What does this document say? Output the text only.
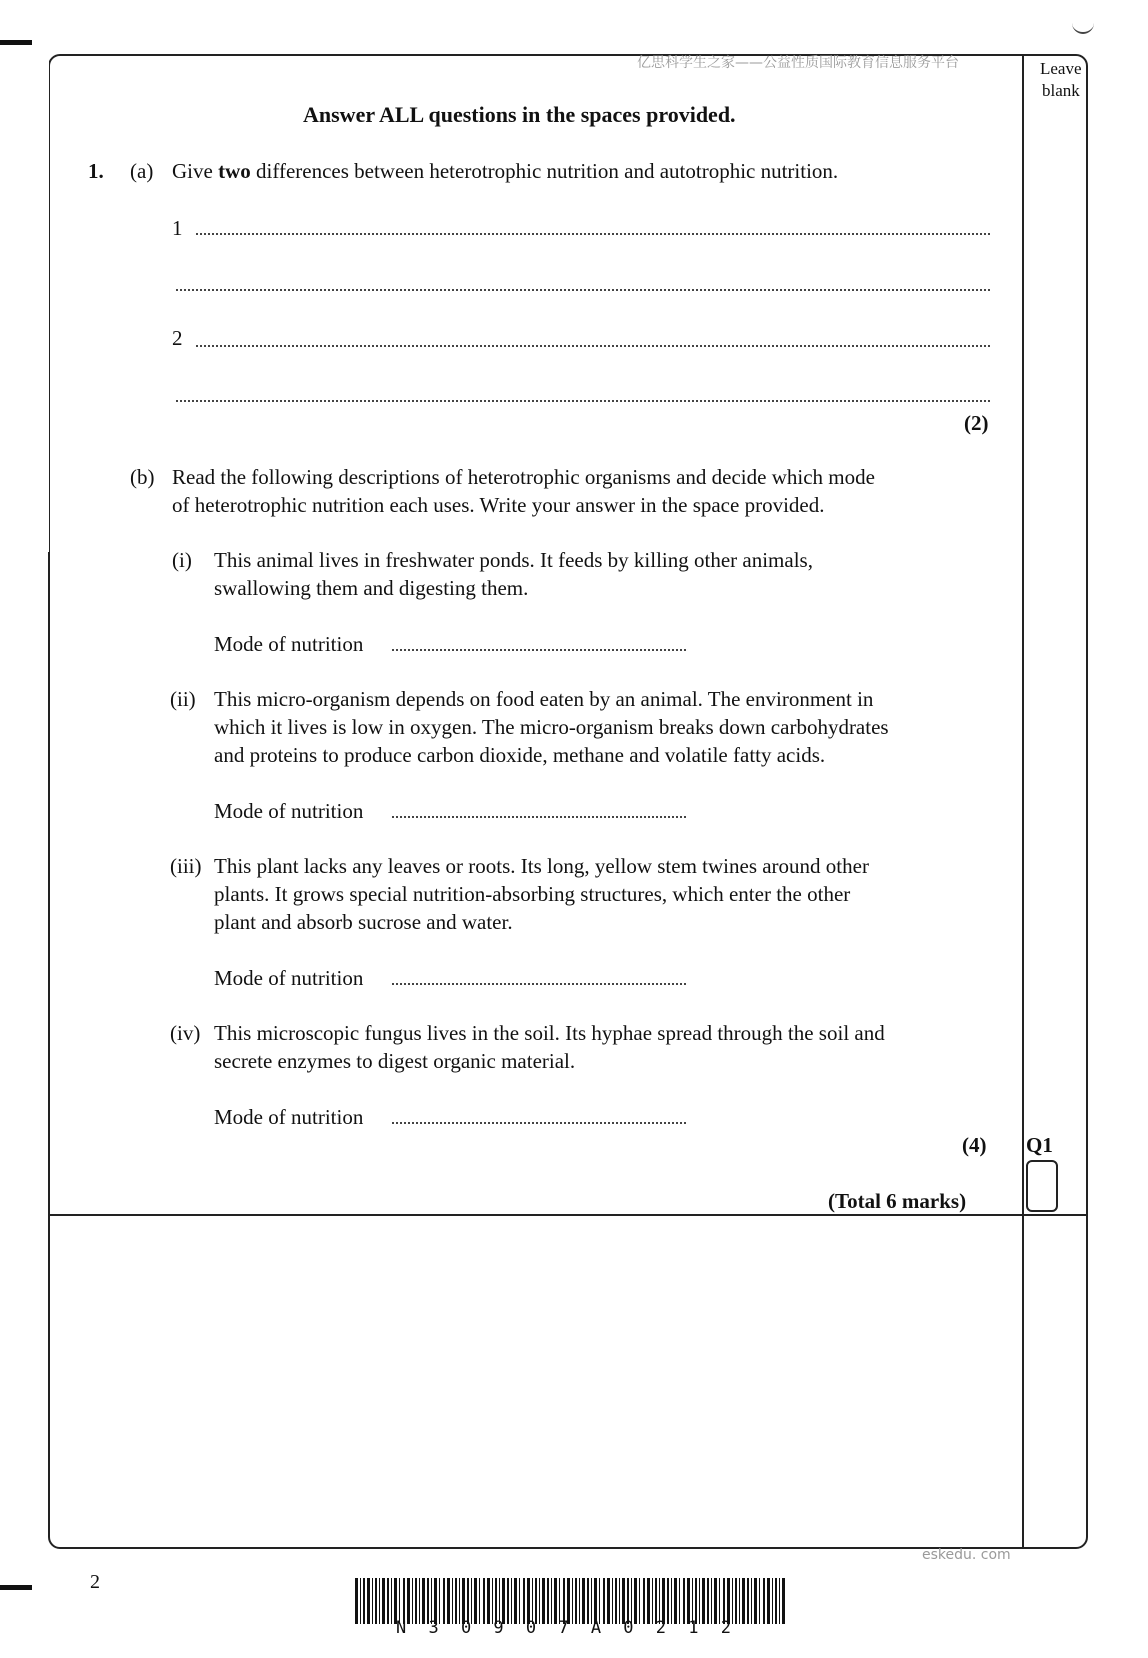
亿思科学生之家——公益性质国际教育信息服务平台	Leave
blank
Answer ALL questions in the spaces provided.
1. (a) Give two differences between heterotrophic nutrition and autotrophic nutrition.
1
2
(2)
(b) Read the following descriptions of heterotrophic organisms and decide which mode
of heterotrophic nutrition each uses. Write your answer in the space provided.
(i) This animal lives in freshwater ponds. It feeds by killing other animals,
swallowing them and digesting them.
Mode of nutrition
(ii) This micro-organism depends on food eaten by an animal. The environment in
which it lives is low in oxygen. The micro-organism breaks down carbohydrates
and proteins to produce carbon dioxide, methane and volatile fatty acids.
Mode of nutrition
(iii) This plant lacks any leaves or roots. Its long, yellow stem twines around other
plants. It grows special nutrition-absorbing structures, which enter the other
plant and absorb sucrose and water.
Mode of nutrition
(iv) This microscopic fungus lives in the soil. Its hyphae spread through the soil and
secrete enzymes to digest organic material.
Mode of nutrition
(4) Q1
(Total 6 marks)
eskedu. com
2
N 3 0 9 0 7 A 0 2 1 2
